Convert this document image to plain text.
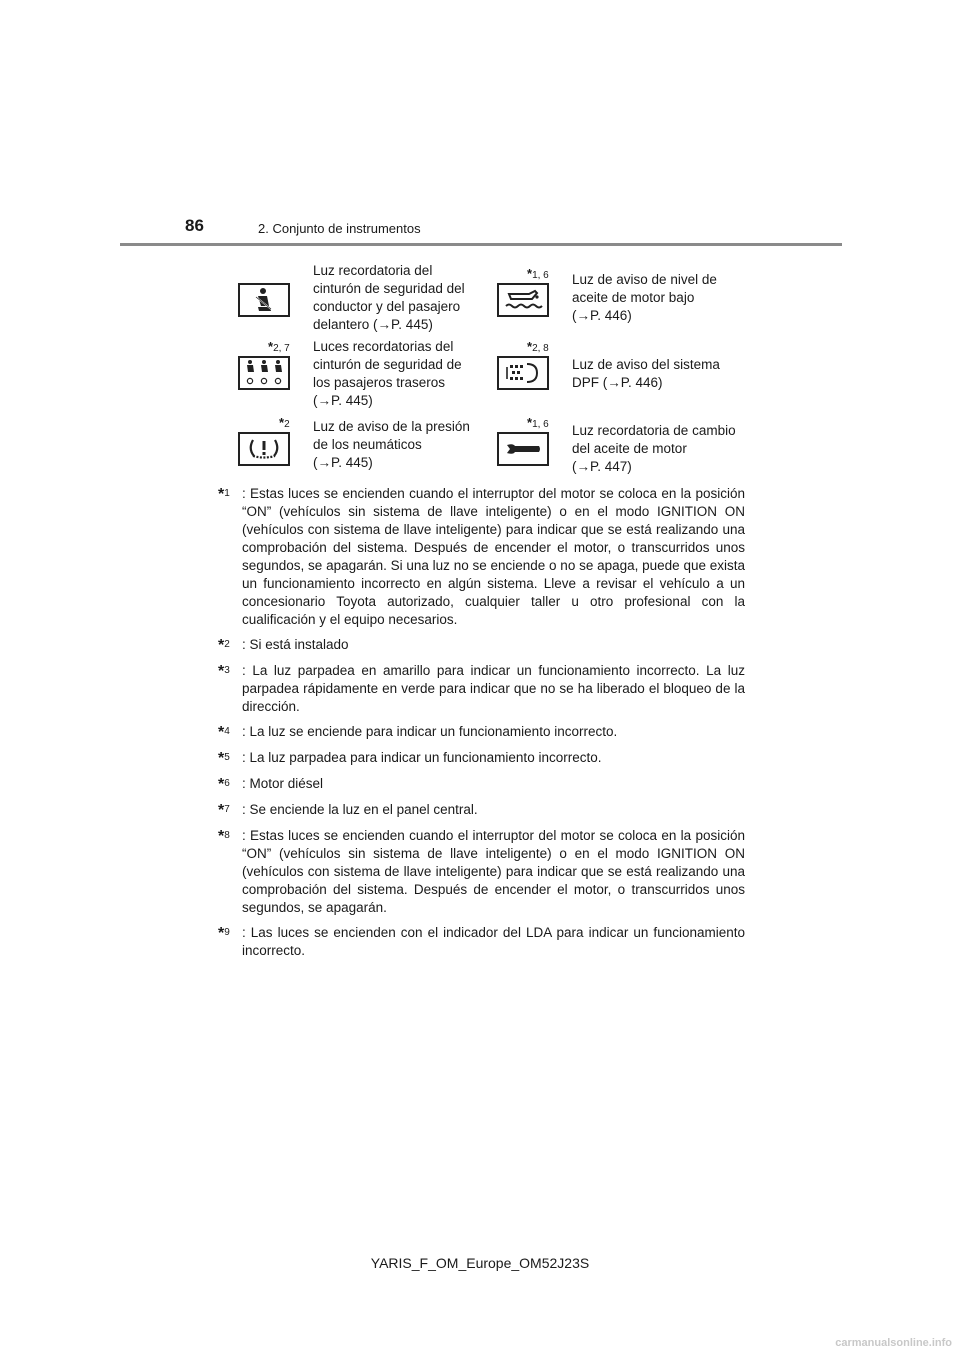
86	2. Conjunto de instrumentos
Luz recordatoria del
cinturón de seguridad del
conductor y del pasajero
delantero (→P. 445)
*1, 6 Luz de aviso de nivel de
aceite de motor bajo
(→P. 446)
*2, 7 Luces recordatorias del
cinturón de seguridad de
los pasajeros traseros
(→P. 445)
*2, 8
Luz de aviso del sistema
DPF (→P. 446)
*2 Luz de aviso de la presión
de los neumáticos
(→P. 445)
*1, 6 Luz recordatoria de cambio
del aceite de motor
(→P. 447)
*$^1$ : Estas luces se encienden cuando el interruptor del motor se coloca en la posición “ON” (vehículos sin sistema de llave inteligente) o en el modo IGNITION ON (vehículos con sistema de llave inteligente) para indicar que se está realizando una comprobación del sistema. Después de encender el motor, o transcurridos unos segundos, se apagarán. Si una luz no se enciende o no se apaga, puede que exista un funcionamiento incorrecto en algún sistema. Lleve a revisar el vehículo a un concesionario Toyota autorizado, cualquier taller u otro profesional con la cualificación y el equipo necesarios.
*$^2$ : Si está instalado
*$^3$ : La luz parpadea en amarillo para indicar un funcionamiento incorrecto. La luz parpadea rápidamente en verde para indicar que no se ha liberado el bloqueo de la dirección.
*$^4$ : La luz se enciende para indicar un funcionamiento incorrecto.
*$^5$ : La luz parpadea para indicar un funcionamiento incorrecto.
*$^6$ : Motor diésel
*$^7$ : Se enciende la luz en el panel central.
*$^8$ : Estas luces se encienden cuando el interruptor del motor se coloca en la posición “ON” (vehículos sin sistema de llave inteligente) o en el modo IGNITION ON (vehículos con sistema de llave inteligente) para indicar que se está realizando una comprobación del sistema. Después de encender el motor, o transcurridos unos segundos, se apagarán.
*$^9$ : Las luces se encienden con el indicador del LDA para indicar un funcionamiento incorrecto.
YARIS_F_OM_Europe_OM52J23S
carmanualsonline.info
